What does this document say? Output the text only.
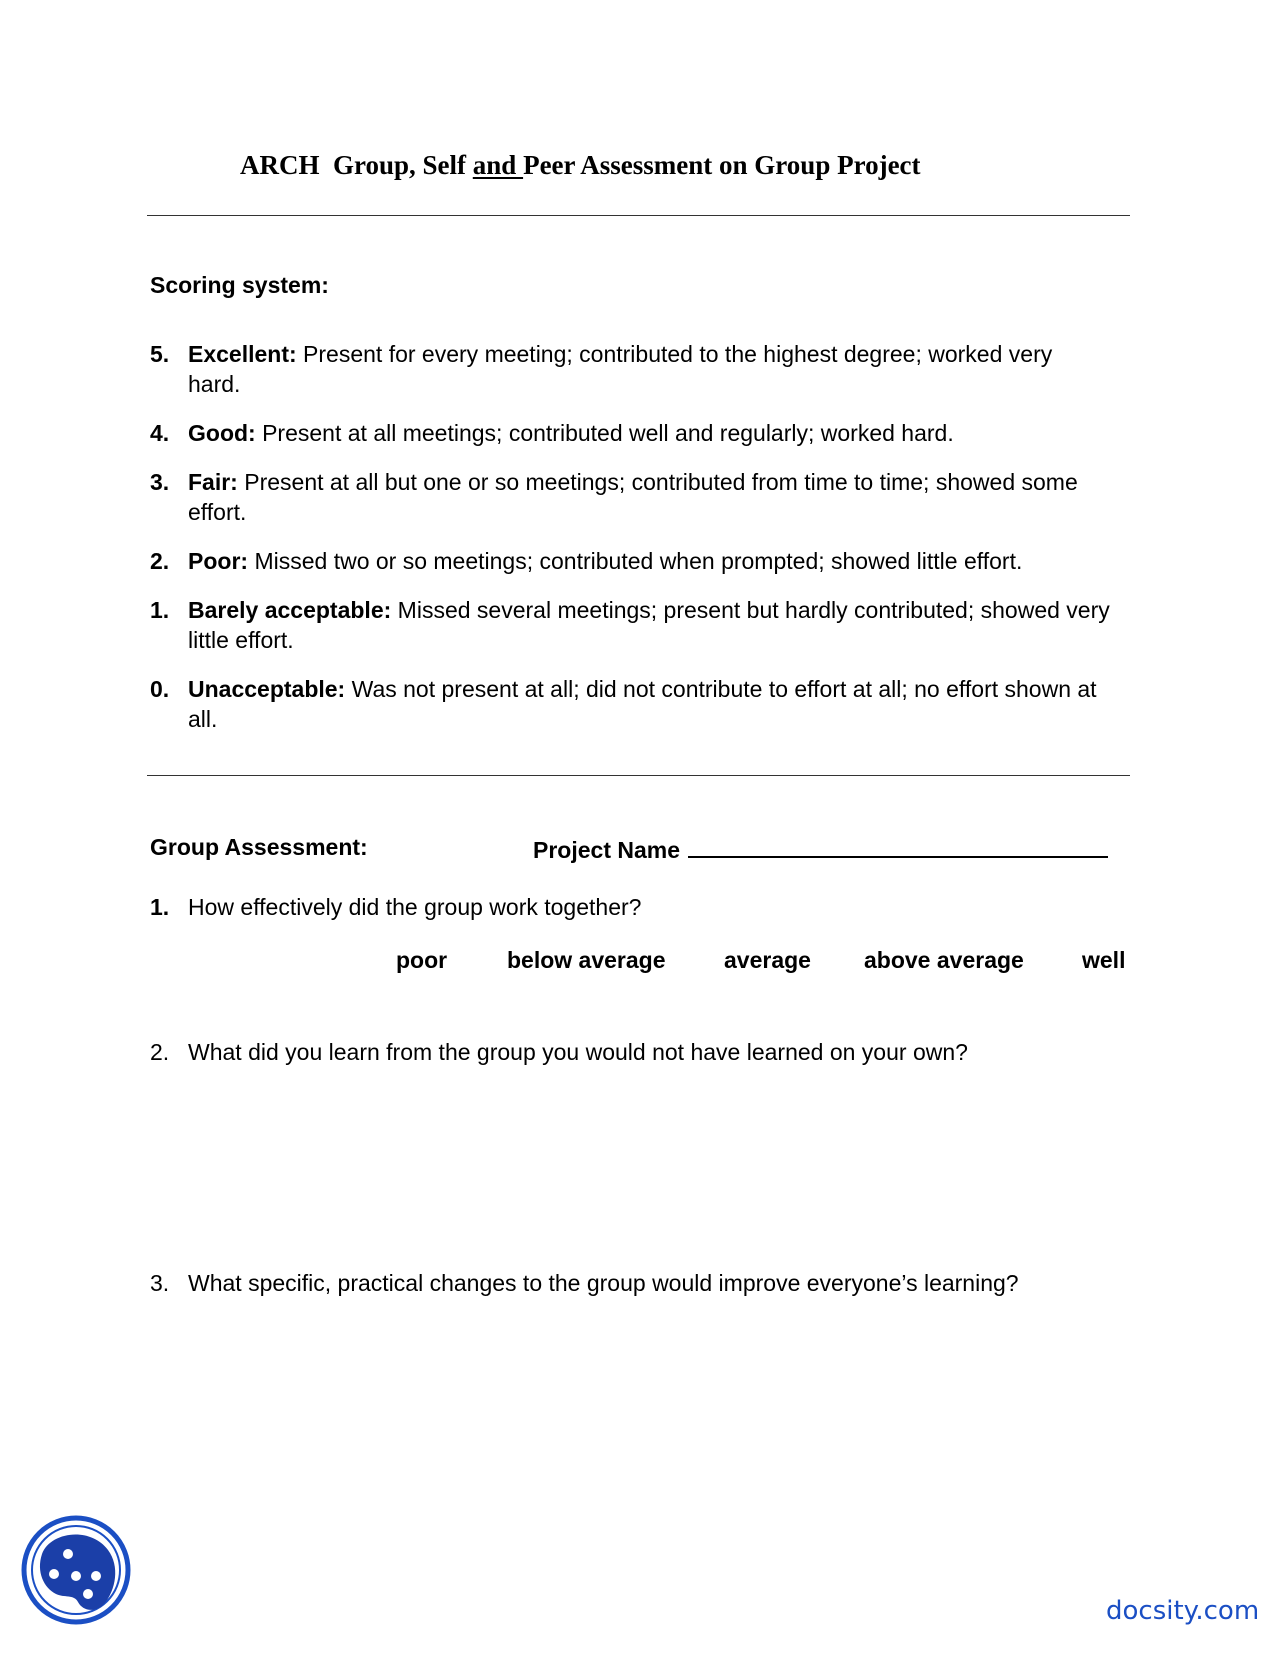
ARCH  Group, Self and Peer Assessment on Group Project
Scoring system:
5. Excellent: Present for every meeting; contributed to the highest degree; worked very hard.
4. Good: Present at all meetings; contributed well and regularly; worked hard.
3. Fair: Present at all but one or so meetings; contributed from time to time; showed some effort.
2. Poor: Missed two or so meetings; contributed when prompted; showed little effort.
1. Barely acceptable: Missed several meetings; present but hardly contributed; showed very little effort.
0. Unacceptable: Was not present at all; did not contribute to effort at all; no effort shown at all.
Group Assessment:	Project Name
1. How effectively did the group work together?
poor	below average	average above average	well
2. What did you learn from the group you would not have learned on your own?
3. What specific, practical changes to the group would improve everyone’s learning?
docsity.com
